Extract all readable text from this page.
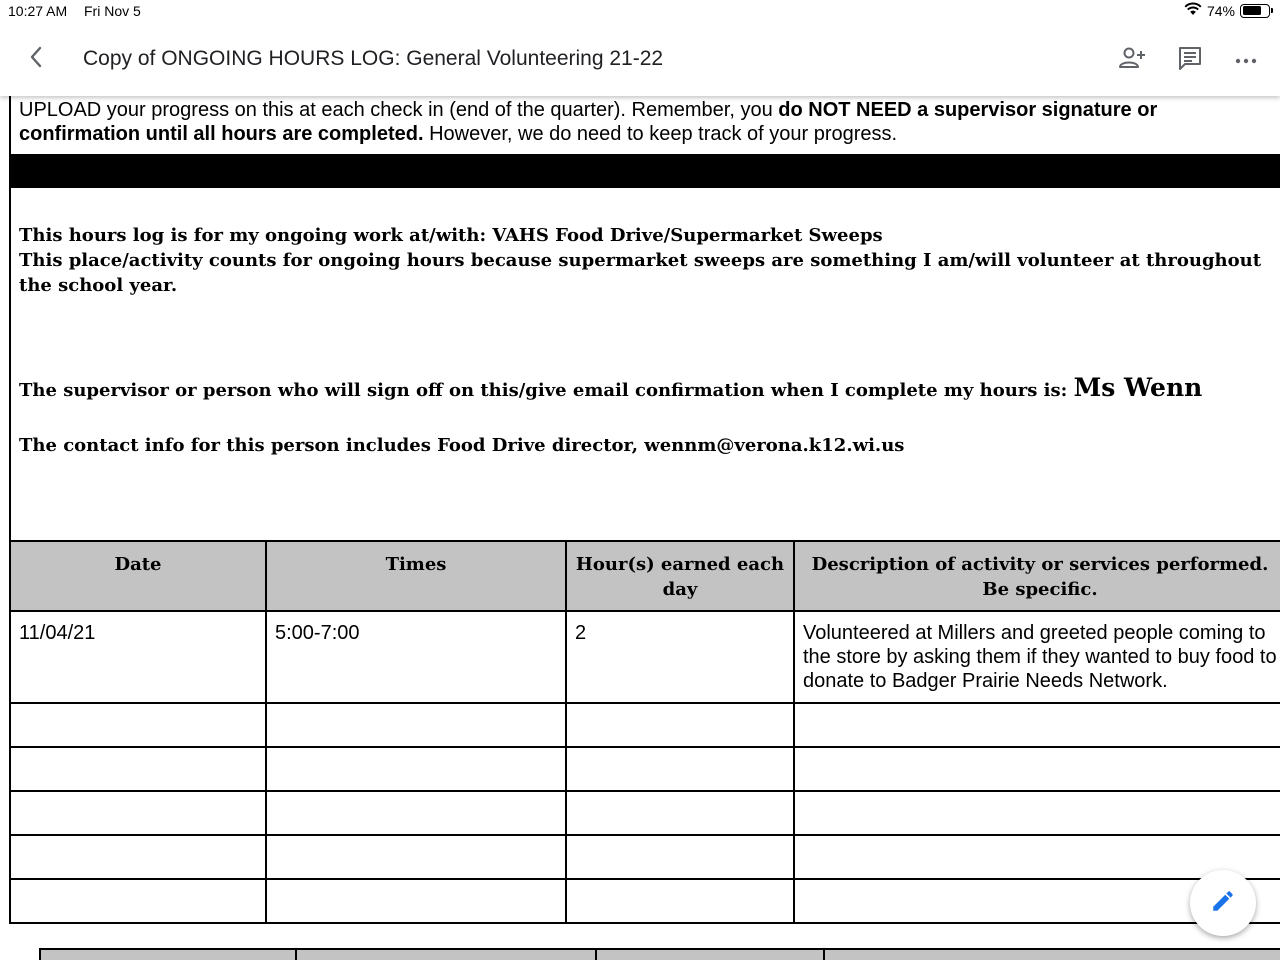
10:27 AM Fri Nov 5	74%
Copy of ONGOING HOURS LOG: General Volunteering 21-22
UPLOAD your progress on this at each check in (end of the quarter). Remember, you do NOT NEED a supervisor signature or confirmation until all hours are completed. However, we do need to keep track of your progress.
This hours log is for my ongoing work at/with: VAHS Food Drive/Supermarket Sweeps
This place/activity counts for ongoing hours because supermarket sweeps are something I am/will volunteer at throughout the school year.
The supervisor or person who will sign off on this/give email confirmation when I complete my hours is: Ms Wenn
The contact info for this person includes Food Drive director, wennm@verona.k12.wi.us
Date	Times	Hour(s) earned each day	Description of activity or services performed. Be specific.
11/04/21	5:00-7:00	2	Volunteered at Millers and greeted people coming to the store by asking them if they wanted to buy food to donate to Badger Prairie Needs Network.
